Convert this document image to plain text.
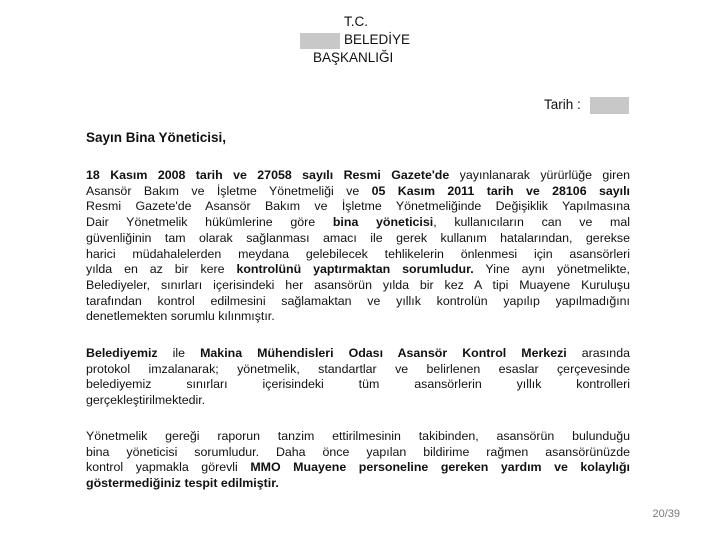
T.C.
BELEDİYE
BAŞKANLIĞI
Tarih :
Sayın Bina Yöneticisi,
18 Kasım 2008 tarih ve 27058 sayılı Resmi Gazete'de yayınlanarak yürürlüğe giren
Asansör Bakım ve İşletme Yönetmeliği ve 05 Kasım 2011 tarih ve 28106 sayılı
Resmi Gazete'de Asansör Bakım ve İşletme Yönetmeliğinde Değişiklik Yapılmasına
Dair Yönetmelik hükümlerine göre bina yöneticisi, kullanıcıların can ve mal
güvenliğinin tam olarak sağlanması amacı ile gerek kullanım hatalarından, gerekse
harici müdahalelerden meydana gelebilecek tehlikelerin önlenmesi için asansörleri
yılda en az bir kere kontrolünü yaptırmaktan sorumludur. Yine aynı yönetmelikte,
Belediyeler, sınırları içerisindeki her asansörün yılda bir kez A tipi Muayene Kuruluşu
tarafından kontrol edilmesini sağlamaktan ve yıllık kontrolün yapılıp yapılmadığını
denetlemekten sorumlu kılınmıştır.
Belediyemiz ile Makina Mühendisleri Odası Asansör Kontrol Merkezi arasında
protokol imzalanarak; yönetmelik, standartlar ve belirlenen esaslar çerçevesinde
belediyemiz sınırları içerisindeki tüm asansörlerin yıllık kontrolleri
gerçekleştirilmektedir.
Yönetmelik gereği raporun tanzim ettirilmesinin takibinden, asansörün bulunduğu
bina yöneticisi sorumludur. Daha önce yapılan bildirime rağmen asansörünüzde
kontrol yapmakla görevli MMO Muayene personeline gereken yardım ve kolaylığı
göstermediğiniz tespit edilmiştir.
20/39
